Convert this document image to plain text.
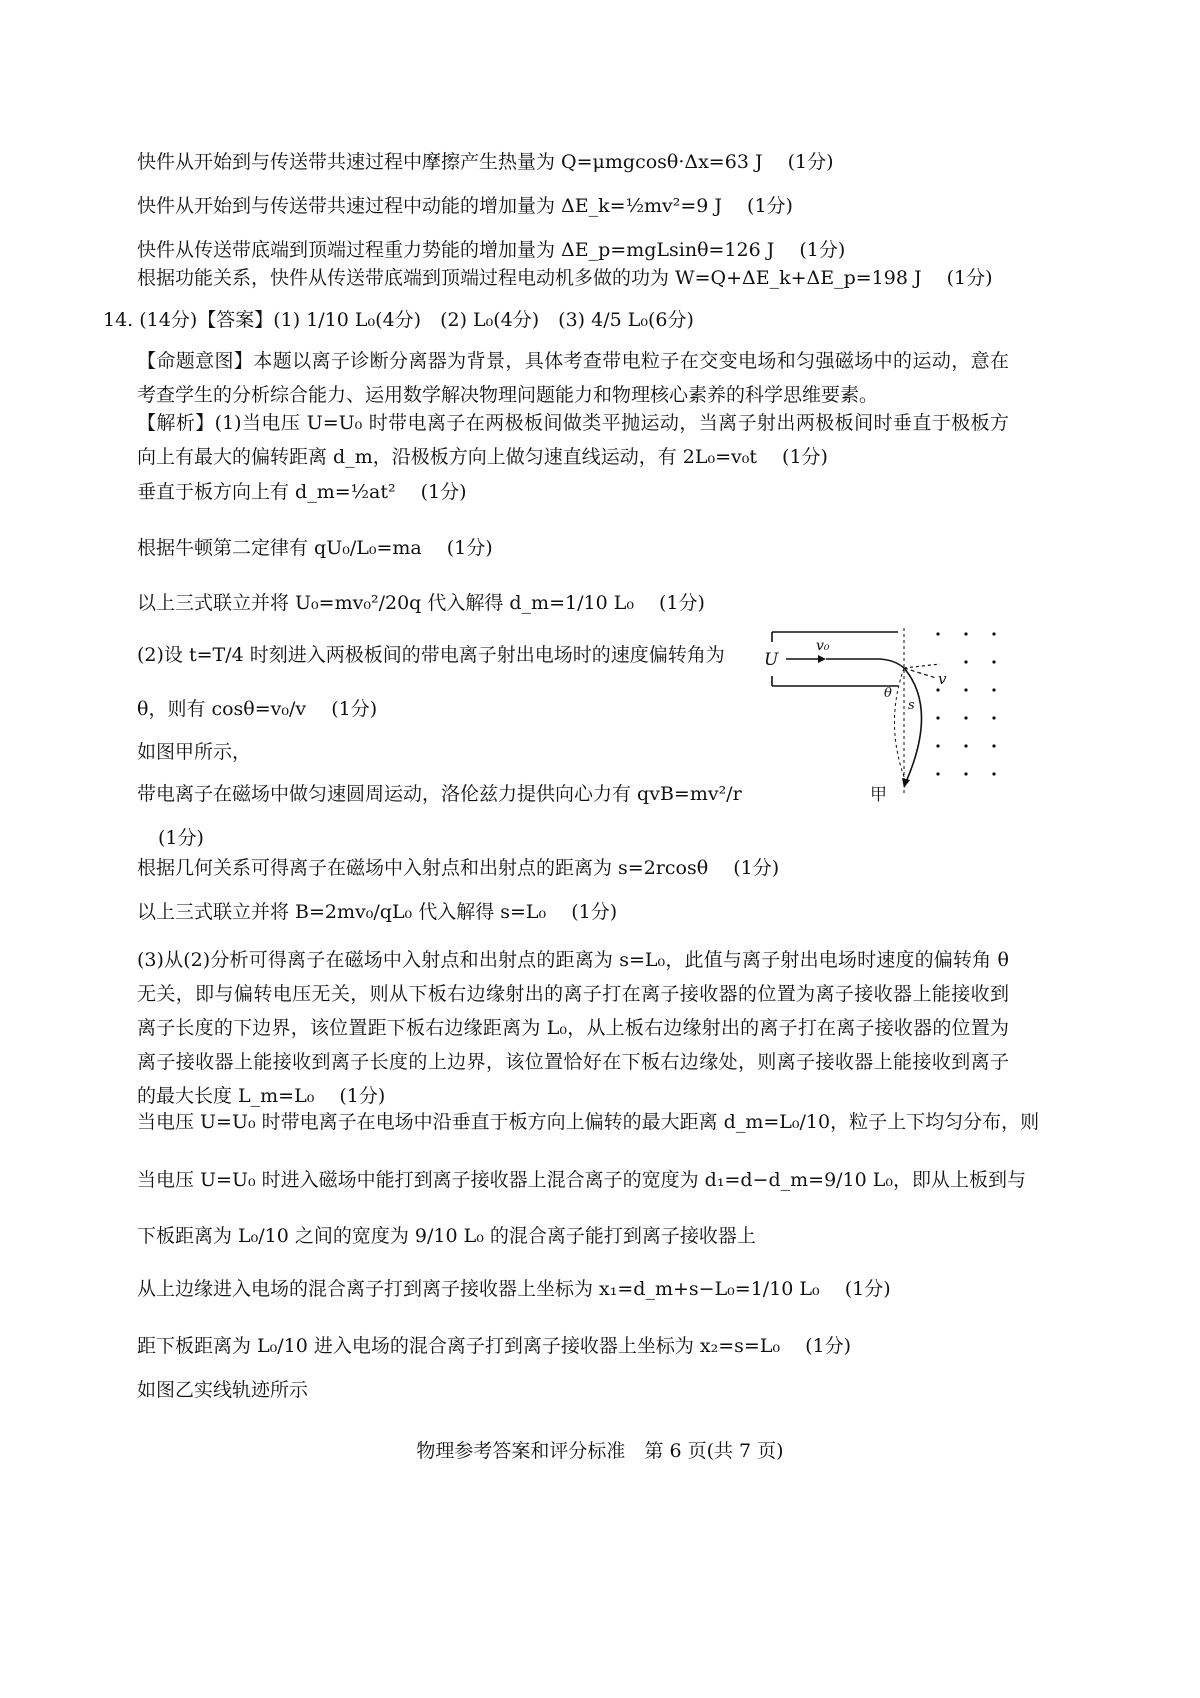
快件从开始到与传送带共速过程中摩擦产生热量为 Q=μmgcosθ·Δx=63 J　 (1分)
快件从开始到与传送带共速过程中动能的增加量为 ΔE_k=½mv²=9 J　 (1分)
快件从传送带底端到顶端过程重力势能的增加量为 ΔE_p=mgLsinθ=126 J　 (1分)
根据功能关系，快件从传送带底端到顶端过程电动机多做的功为 W=Q+ΔE_k+ΔE_p=198 J　 (1分)
14. (14分)【答案】(1) 1/10 L₀(4分)　(2) L₀(4分)　(3) 4/5 L₀(6分)
【命题意图】本题以离子诊断分离器为背景，具体考查带电粒子在交变电场和匀强磁场中的运动，意在考查学生的分析综合能力、运用数学解决物理问题能力和物理核心素养的科学思维要素。
【解析】(1)当电压 U=U₀ 时带电离子在两极板间做类平抛运动，当离子射出两极板间时垂直于极板方向上有最大的偏转距离 d_m，沿极板方向上做匀速直线运动，有 2L₀=v₀t　 (1分)
垂直于板方向上有 d_m=½at²　 (1分)
根据牛顿第二定律有 qU₀/L₀=ma　 (1分)
以上三式联立并将 U₀=mv₀²/20q 代入解得 d_m=1/10 L₀　 (1分)
(2)设 t=T/4 时刻进入两极板间的带电离子射出电场时的速度偏转角为
θ，则有 cosθ=v₀/v　 (1分)
如图甲所示，
带电离子在磁场中做匀速圆周运动，洛伦兹力提供向心力有 qvB=mv²/r
(1分)
根据几何关系可得离子在磁场中入射点和出射点的距离为 s=2rcosθ　 (1分)
以上三式联立并将 B=2mv₀/qL₀ 代入解得 s=L₀　 (1分)
U
v₀
v
θ
s
甲
(3)从(2)分析可得离子在磁场中入射点和出射点的距离为 s=L₀，此值与离子射出电场时速度的偏转角 θ 无关，即与偏转电压无关，则从下板右边缘射出的离子打在离子接收器的位置为离子接收器上能接收到离子长度的下边界，该位置距下板右边缘距离为 L₀，从上板右边缘射出的离子打在离子接收器的位置为离子接收器上能接收到离子长度的上边界，该位置恰好在下板右边缘处，则离子接收器上能接收到离子的最大长度 L_m=L₀　 (1分)
当电压 U=U₀ 时带电离子在电场中沿垂直于板方向上偏转的最大距离 d_m=L₀/10，粒子上下均匀分布，则
当电压 U=U₀ 时进入磁场中能打到离子接收器上混合离子的宽度为 d₁=d−d_m=9/10 L₀，即从上板到与
下板距离为 L₀/10 之间的宽度为 9/10 L₀ 的混合离子能打到离子接收器上
从上边缘进入电场的混合离子打到离子接收器上坐标为 x₁=d_m+s−L₀=1/10 L₀　 (1分)
距下板距离为 L₀/10 进入电场的混合离子打到离子接收器上坐标为 x₂=s=L₀　 (1分)
如图乙实线轨迹所示
物理参考答案和评分标准　第 6 页(共 7 页)
